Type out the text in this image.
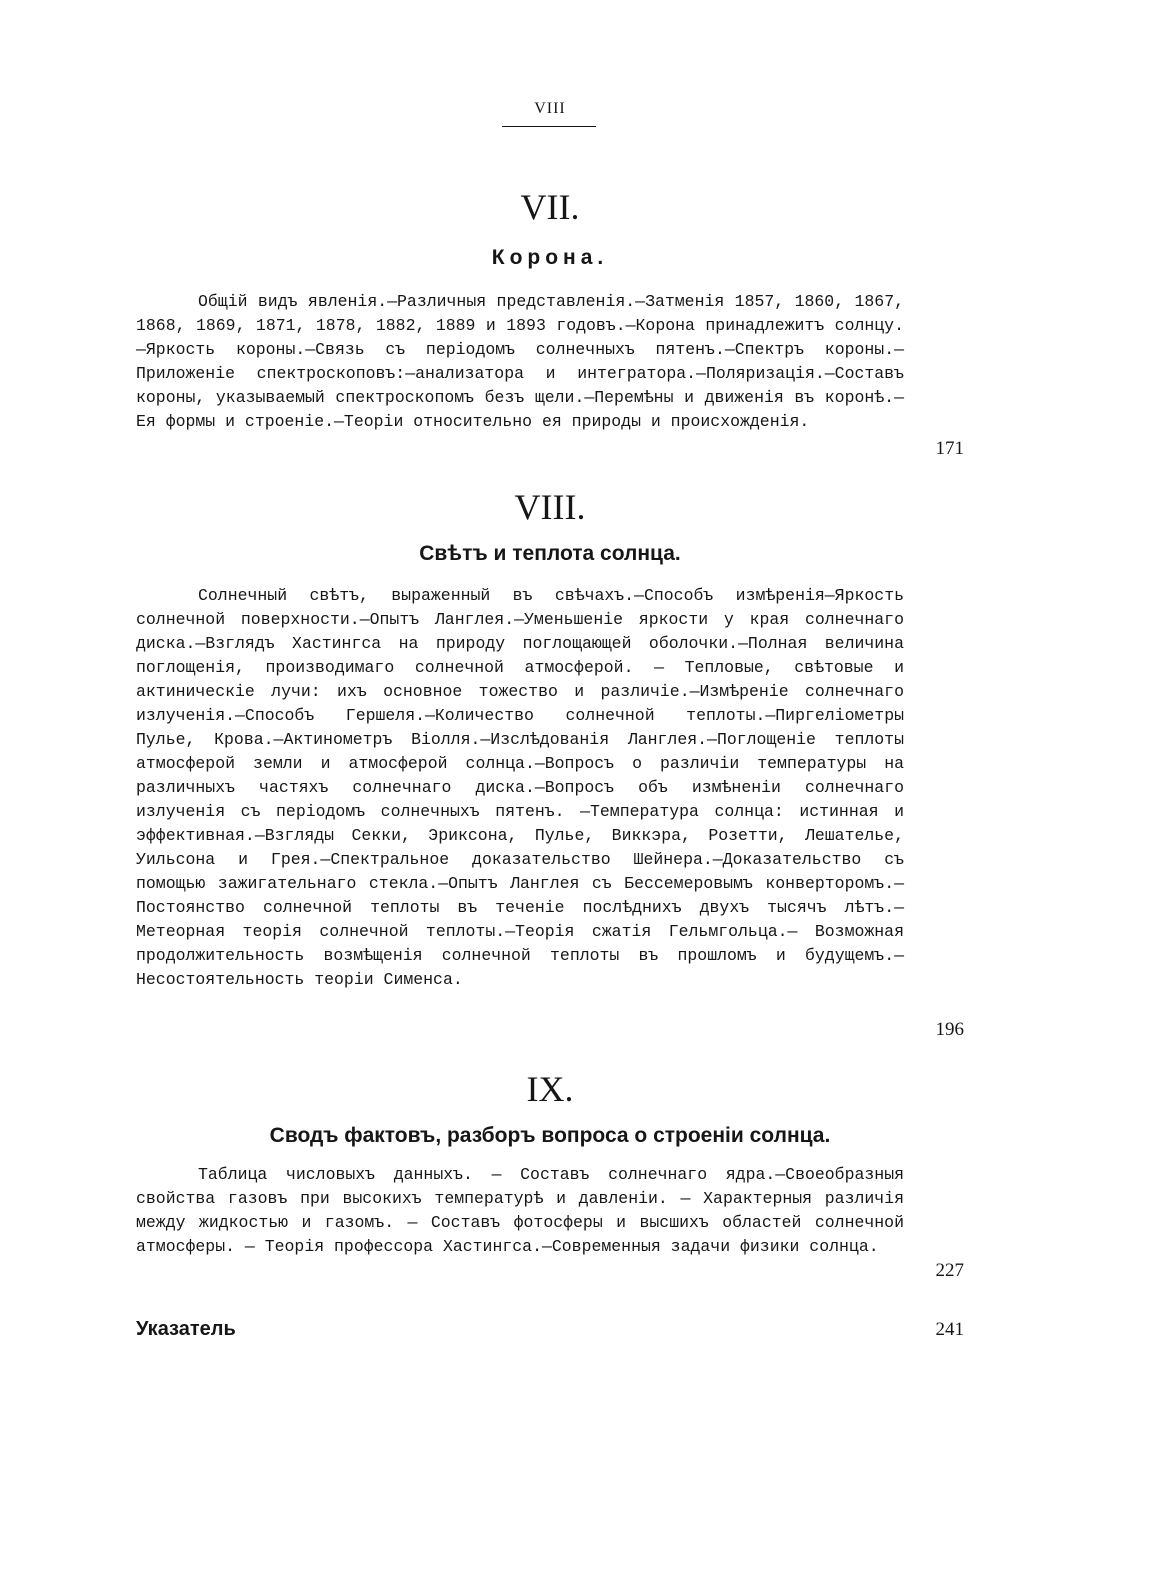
VIII
VII.
Корона.

Общій видъ явленія.—Различныя представленія.—Затменія 1857, 1860, 1867, 1868, 1869, 1871, 1878, 1882, 1889 и 1893 годовъ.—Корона принадлежитъ солнцу.—Яркость короны.—Связь съ періодомъ солнечныхъ пятенъ.—Спектръ короны.—Приложеніе спектроскоповъ:—анализатора и интегратора.—Поляризація.—Составъ короны, указываемый спектроскопомъ безъ щели.—Перемѣны и движенія въ коронѣ.—Ея формы и строеніе.—Теоріи относительно ея природы и происхожденія.

171
VIII.
Свѣтъ и теплота солнца.

Солнечный свѣтъ, выраженный въ свѣчахъ.—Способъ измѣренія—Яркость солнечной поверхности.—Опытъ Ланглея.—Уменьшеніе яркости у края солнечнаго диска.—Взглядъ Хастингса на природу поглощающей оболочки.—Полная величина поглощенія, производимаго солнечной атмосферой. — Тепловые, свѣтовые и актиническіе лучи: ихъ основное тожество и различіе.—Измѣреніе солнечнаго излученія.—Способъ Гершеля.—Количество солнечной теплоты.—Пиргеліометры Пулье, Крова.—Актинометръ Віолля.—Изслѣдованія Ланглея.—Поглощеніе теплоты атмосферой земли и атмосферой солнца.—Вопросъ о различіи температуры на различныхъ частяхъ солнечнаго диска.—Вопросъ объ измѣненіи солнечнаго излученія съ періодомъ солнечныхъ пятенъ. —Температура солнца: истинная и эффективная.—Взгляды Секки, Эриксона, Пулье, Виккэра, Розетти, Лешателье, Уильсона и Грея.—Спектральное доказательство Шейнера.—Доказательство съ помощью зажигательнаго стекла.—Опытъ Ланглея съ Бессемеровымъ конверторомъ.—Постоянство солнечной теплоты въ теченіе послѣднихъ двухъ тысячъ лѣтъ.—Метеорная теорія солнечной теплоты.—Теорія сжатія Гельмгольца.— Возможная продолжительность возмѣщенія солнечной теплоты въ прошломъ и будущемъ.—Несостоятельность теоріи Сименса.

196
IX.
Сводъ фактовъ, разборъ вопроса о строеніи солнца.

Таблица числовыхъ данныхъ. — Составъ солнечнаго ядра.—Своеобразныя свойства газовъ при высокихъ температурѣ и давленіи. — Характерныя различія между жидкостью и газомъ. — Составъ фотосферы и высшихъ областей солнечной атмосферы. — Теорія профессора Хастингса.—Современныя задачи физики солнца.

227
Указатель	241
